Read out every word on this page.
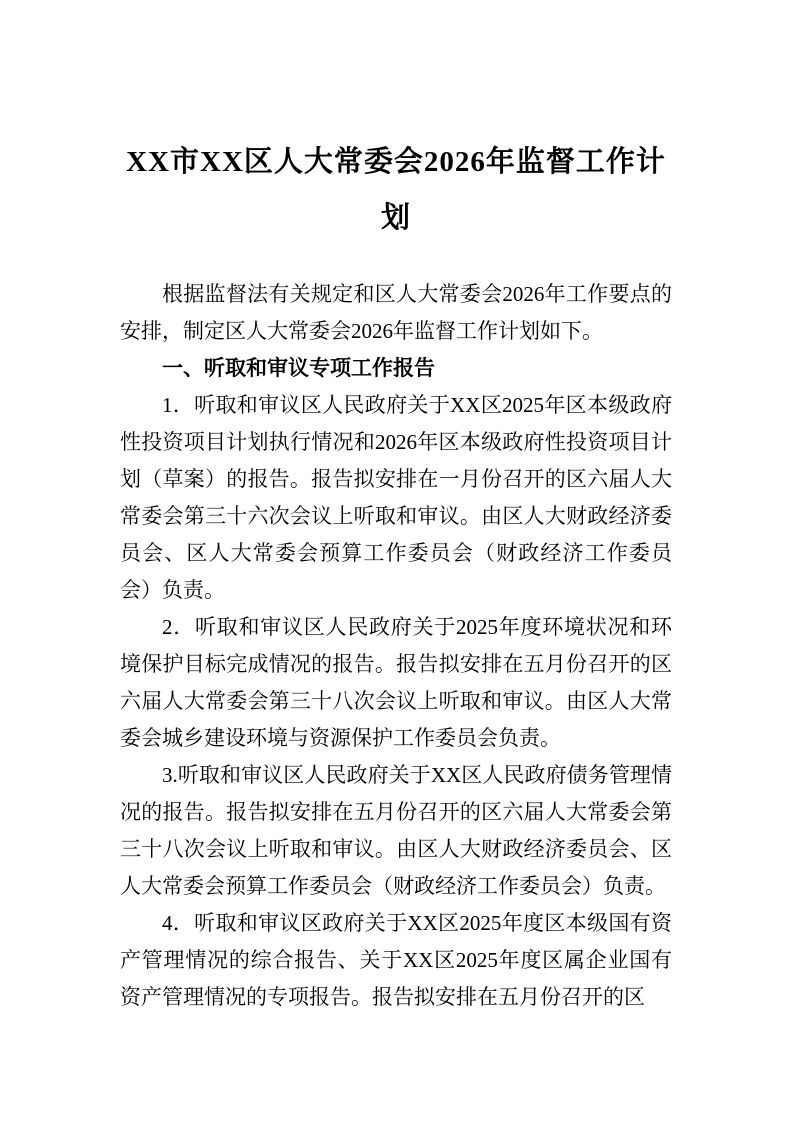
XX市XX区人大常委会2026年监督工作计划

根据监督法有关规定和区人大常委会2026年工作要点的安排，制定区人大常委会2026年监督工作计划如下。

一、听取和审议专项工作报告

1．听取和审议区人民政府关于XX区2025年区本级政府性投资项目计划执行情况和2026年区本级政府性投资项目计划（草案）的报告。报告拟安排在一月份召开的区六届人大常委会第三十六次会议上听取和审议。由区人大财政经济委员会、区人大常委会预算工作委员会（财政经济工作委员会）负责。

2．听取和审议区人民政府关于2025年度环境状况和环境保护目标完成情况的报告。报告拟安排在五月份召开的区六届人大常委会第三十八次会议上听取和审议。由区人大常委会城乡建设环境与资源保护工作委员会负责。

3.听取和审议区人民政府关于XX区人民政府债务管理情况的报告。报告拟安排在五月份召开的区六届人大常委会第三十八次会议上听取和审议。由区人大财政经济委员会、区人大常委会预算工作委员会（财政经济工作委员会）负责。

4．听取和审议区政府关于XX区2025年度区本级国有资产管理情况的综合报告、关于XX区2025年度区属企业国有资产管理情况的专项报告。报告拟安排在五月份召开的区
